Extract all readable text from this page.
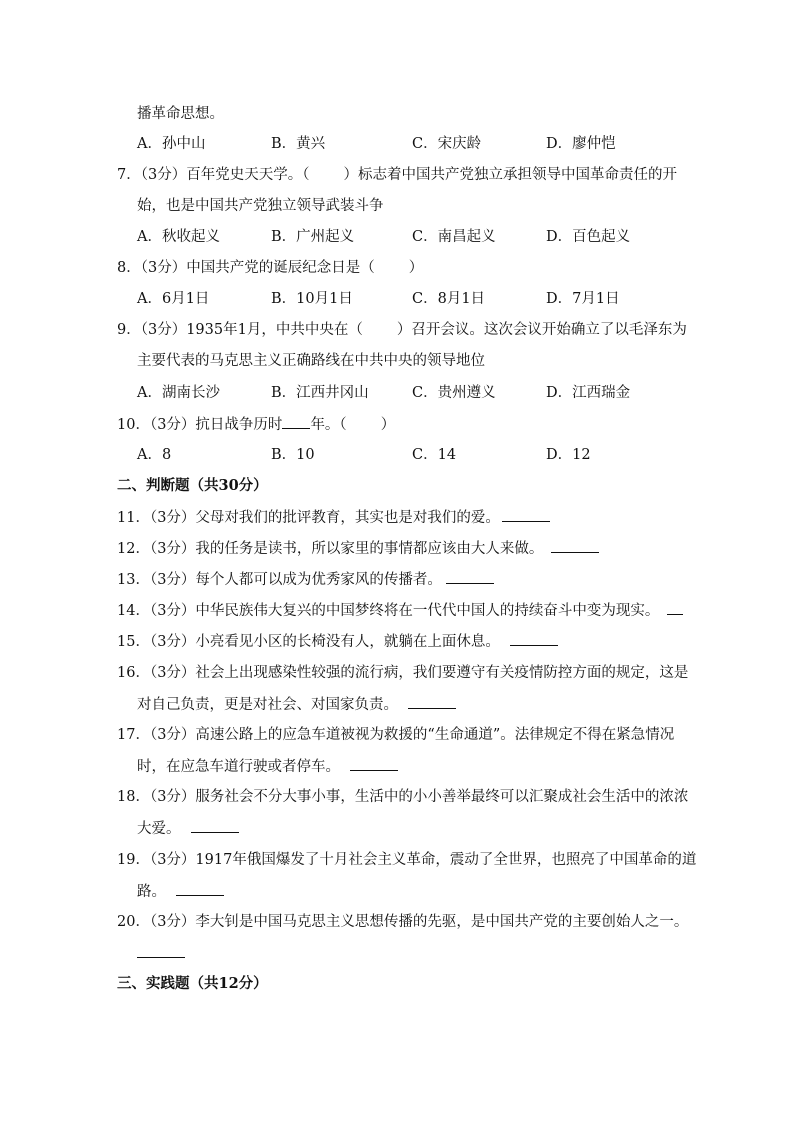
播革命思想。
A．孙中山	B．黄兴	C．宋庆龄	D．廖仲恺
7．（3分）百年党史天天学。（ ）标志着中国共产党独立承担领导中国革命责任的开
始，也是中国共产党独立领导武装斗争
A．秋收起义	B．广州起义	C．南昌起义	D．百色起义
8．（3分）中国共产党的诞辰纪念日是（ ）
A．6月1日	B．10月1日	C．8月1日	D．7月1日
9．（3分）1935年1月，中共中央在（ ）召开会议。这次会议开始确立了以毛泽东为
主要代表的马克思主义正确路线在中共中央的领导地位
A．湖南长沙	B．江西井冈山	C．贵州遵义	D．江西瑞金
10．（3分）抗日战争历时 年。（ ）
A．8	B．10	C．14	D．12
二、判断题（共30分）
11．（3分）父母对我们的批评教育，其实也是对我们的爱。
12．（3分）我的任务是读书，所以家里的事情都应该由大人来做。
13．（3分）每个人都可以成为优秀家风的传播者。
14．（3分）中华民族伟大复兴的中国梦终将在一代代中国人的持续奋斗中变为现实。
15．（3分）小亮看见小区的长椅没有人，就躺在上面休息。
16．（3分）社会上出现感染性较强的流行病，我们要遵守有关疫情防控方面的规定，这是
对自己负责，更是对社会、对国家负责。
17．（3分）高速公路上的应急车道被视为救援的“生命通道”。法律规定不得在紧急情况
时，在应急车道行驶或者停车。
18．（3分）服务社会不分大事小事，生活中的小小善举最终可以汇聚成社会生活中的浓浓
大爱。
19．（3分）1917年俄国爆发了十月社会主义革命，震动了全世界，也照亮了中国革命的道
路。
20．（3分）李大钊是中国马克思主义思想传播的先驱，是中国共产党的主要创始人之一。
三、实践题（共12分）
